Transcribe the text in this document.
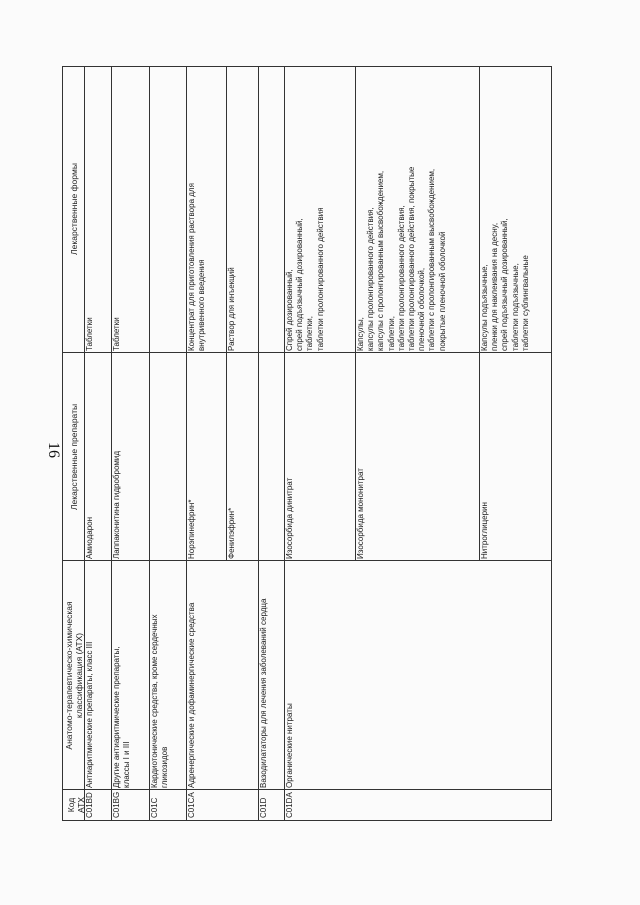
16
Код АТХ
Анатомо-терапевтическо-химическая
классификация (АТХ)
Лекарственные препараты
Лекарственные формы
C01BD
Антиаритмические препараты, класс III
Амиодарон
Таблетки
C01BG
Другие антиаритмические препараты,
классы I и III
Лаппаконитина гидробромид
Таблетки
C01C
Кардиотонические средства, кроме сердечных
гликозидов
C01CA
Адренергические и дофаминергические средства
Норэпинефрин*
Концентрат для приготовления раствора для
внутривенного введения
Фенилэфрин*
Раствор для инъекций
C01D
Вазодилататоры для лечения заболеваний сердца
C01DA
Органические нитраты
Изосорбида динитрат
Спрей дозированный,
спрей подъязычный дозированный,
таблетки,
таблетки пролонгированного действия
Изосорбида мононитрат
Капсулы,
капсулы пролонгированного действия,
капсулы с пролонгированным высвобождением,
таблетки,
таблетки пролонгированного действия,
таблетки пролонгированного действия, покрытые
пленочной оболочкой,
таблетки с пролонгированным высвобождением,
покрытые пленочной оболочкой
Нитроглицерин
Капсулы подъязычные,
пленки для наклеивания на десну,
спрей подъязычный дозированный,
таблетки подъязычные,
таблетки сублингвальные
